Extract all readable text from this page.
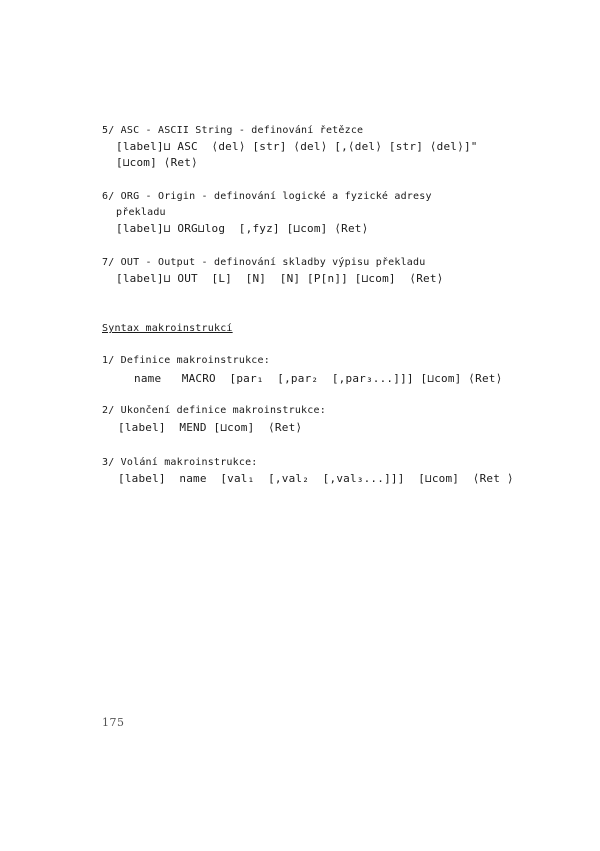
5/ ASC - ASCII String - definování řetězce
[label]⊔ ASC  ⟨del⟩ [str] ⟨del⟩ [,⟨del⟩ [str] ⟨del⟩]"
[⊔com] ⟨Ret⟩
6/ ORG - Origin - definování logické a fyzické adresy
překladu
[label]⊔ ORG⊔log  [,fyz] [⊔com] ⟨Ret⟩
7/ OUT - Output - definování skladby výpisu překladu
[label]⊔ OUT  [L]  [N]  [N] [P[n]] [⊔com]  ⟨Ret⟩
Syntax makroinstrukcí
1/ Definice makroinstrukce:
name   MACRO  [par₁  [,par₂  [,par₃...]]] [⊔com] ⟨Ret⟩
2/ Ukončení definice makroinstrukce:
[label]  MEND [⊔com]  ⟨Ret⟩
3/ Volání makroinstrukce:
[label]  name  [val₁  [,val₂  [,val₃...]]]  [⊔com]  ⟨Ret ⟩
175
